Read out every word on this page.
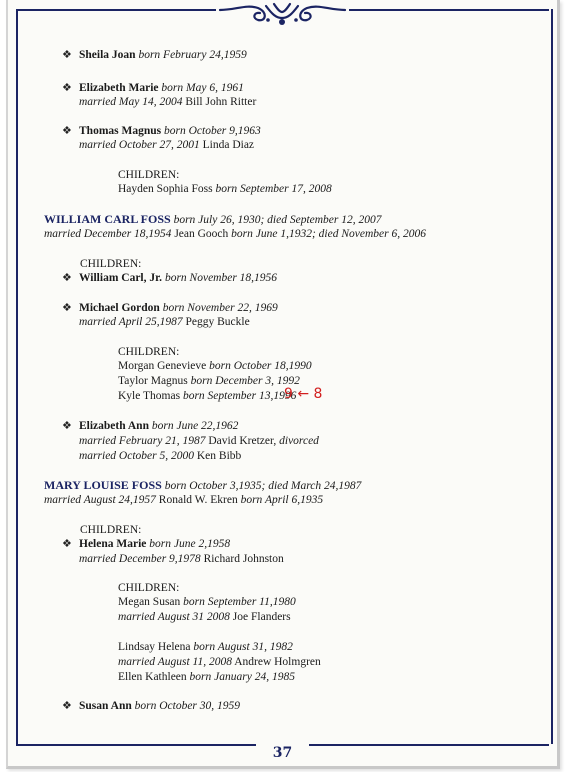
37
❖ Sheila Joan born February 24,1959
❖ Elizabeth Marie born May 6, 1961
married May 14, 2004 Bill John Ritter
❖ Thomas Magnus born October 9,1963
married October 27, 2001 Linda Diaz
CHILDREN:
Hayden Sophia Foss born September 17, 2008
WILLIAM CARL FOSS born July 26, 1930; died September 12, 2007
married December 18,1954 Jean Gooch born June 1,1932; died November 6, 2006
CHILDREN:
❖ William Carl, Jr. born November 18,1956
❖ Michael Gordon born November 22, 1969
married April 25,1987 Peggy Buckle
CHILDREN:
Morgan Genevieve born October 18,1990
Taylor Magnus born December 3, 1992
Kyle Thomas born September 13,1996
9 ← 8
❖ Elizabeth Ann born June 22,1962
married February 21, 1987 David Kretzer, divorced
married October 5, 2000 Ken Bibb
MARY LOUISE FOSS born October 3,1935; died March 24,1987
married August 24,1957 Ronald W. Ekren born April 6,1935
CHILDREN:
❖ Helena Marie born June 2,1958
married December 9,1978 Richard Johnston
CHILDREN:
Megan Susan born September 11,1980
married August 31 2008 Joe Flanders
Lindsay Helena born August 31, 1982
married August 11, 2008 Andrew Holmgren
Ellen Kathleen born January 24, 1985
❖ Susan Ann born October 30, 1959
